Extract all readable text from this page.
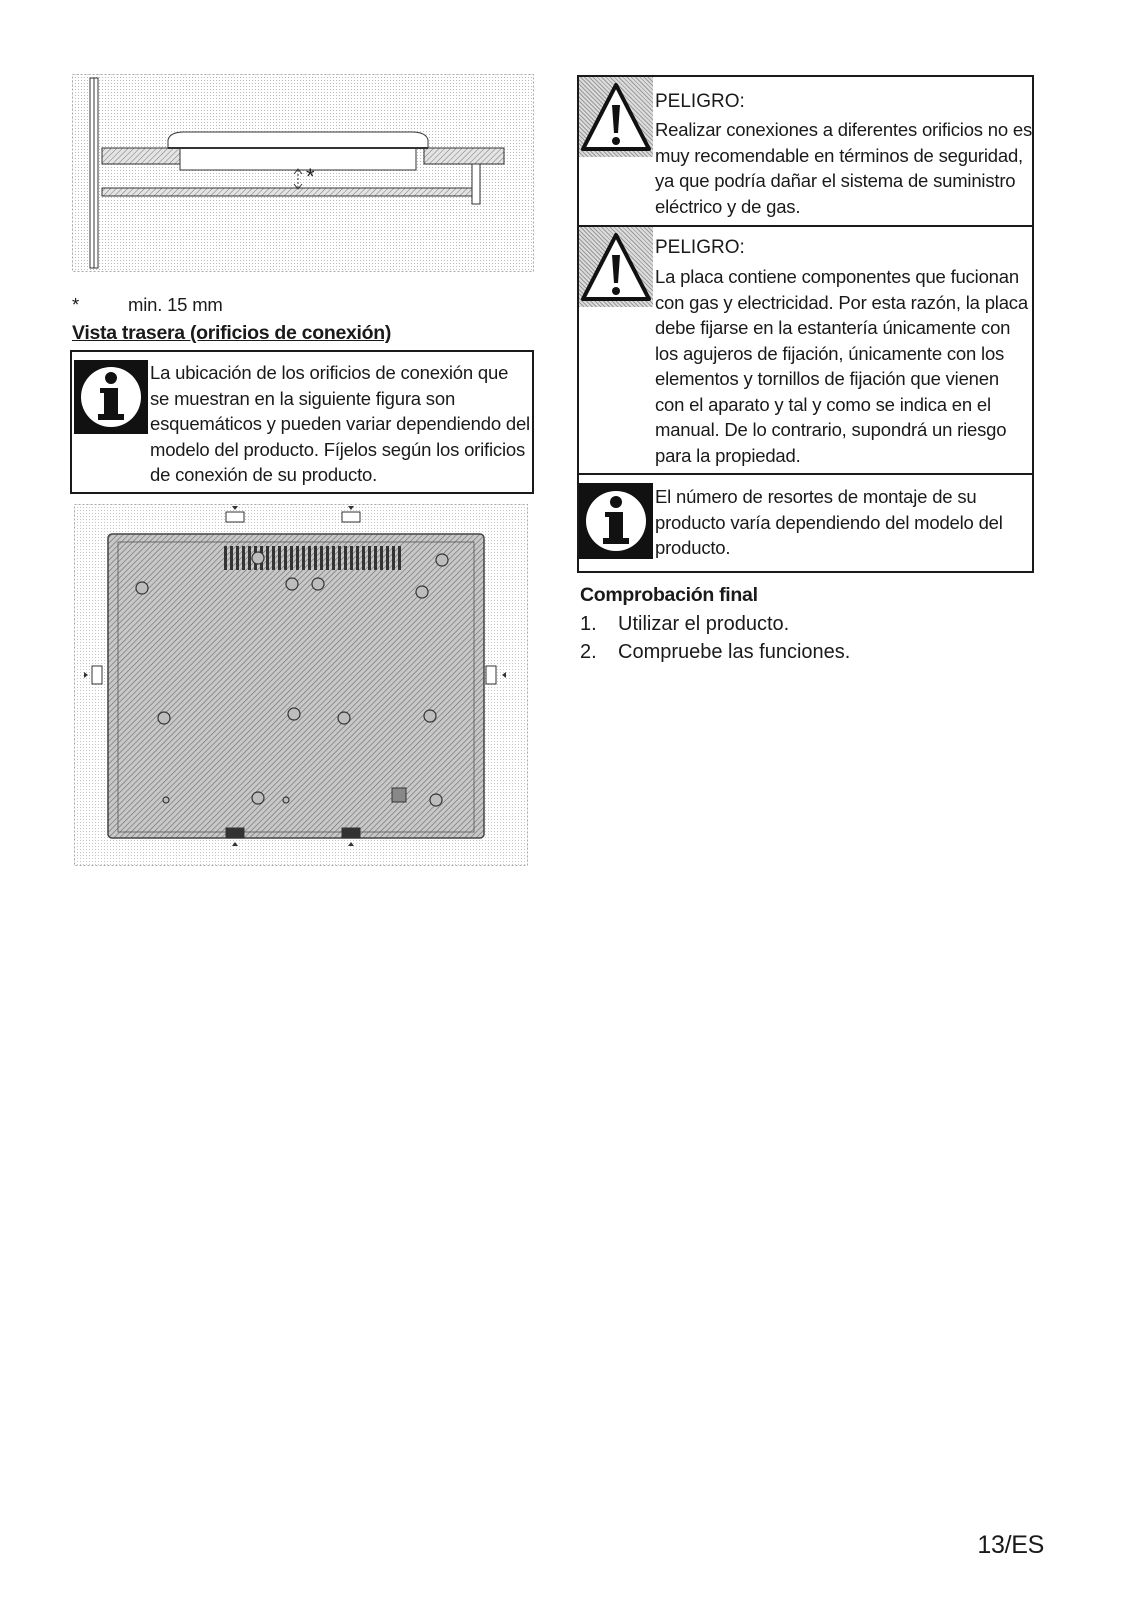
*
*	min. 15 mm
Vista trasera (orificios de conexión)
La ubicación de los orificios de conexión que
se muestran en la siguiente figura son
esquemáticos y pueden variar dependiendo del
modelo del producto. Fíjelos según los orificios
de conexión de su producto.
PELIGRO:
Realizar conexiones a diferentes orificios no es
muy recomendable en términos de seguridad,
ya que podría dañar el sistema de suministro
eléctrico y de gas.
PELIGRO:
La placa contiene componentes que fucionan
con gas y electricidad. Por esta razón, la placa
debe fijarse en la estantería únicamente con
los agujeros de fijación, únicamente con los
elementos y tornillos de fijación que vienen
con el aparato y tal y como se indica en el
manual. De lo contrario, supondrá un riesgo
para la propiedad.
El número de resortes de montaje de su
producto varía dependiendo del modelo del
producto.
Comprobación final
1. Utilizar el producto.
2. Compruebe las funciones.
13/ES
